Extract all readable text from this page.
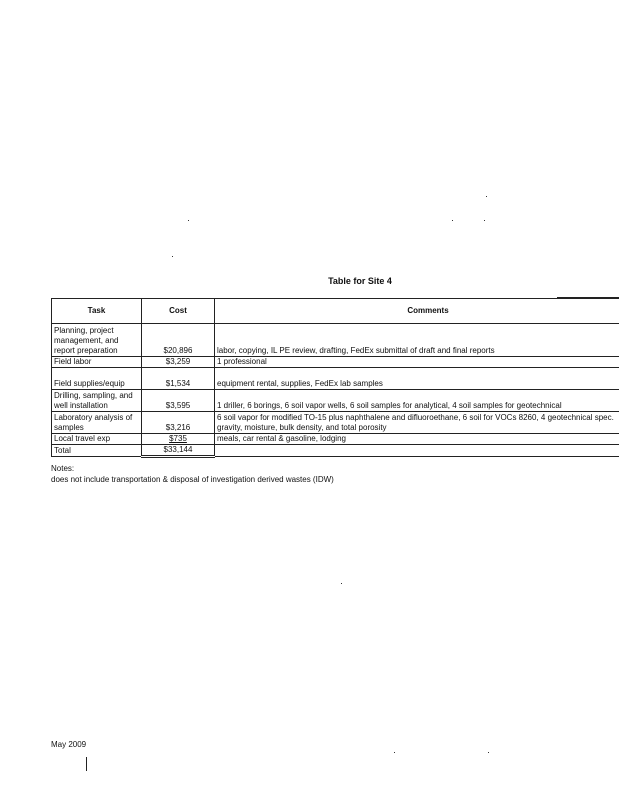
Table for Site 4
Task	Cost	Comments
Planning, project management, and report preparation	$20,896	labor, copying, IL PE review, drafting, FedEx submittal of draft and final reports
Field labor	$3,259	1 professional
Field supplies/equip	$1,534	equipment rental, supplies, FedEx lab samples
Drilling, sampling, and well installation	$3,595	1 driller, 6 borings, 6 soil vapor wells, 6 soil samples for analytical, 4 soil samples for geotechnical
Laboratory analysis of samples	$3,216	6 soil vapor for modified TO-15 plus naphthalene and difluoroethane, 6 soil for VOCs 8260, 4 geotechnical spec. gravity, moisture, bulk density, and total porosity
Local travel exp	$735	meals, car rental & gasoline, lodging
Total	$33,144	
Notes:
does not include transportation & disposal of investigation derived wastes (IDW)
May 2009
